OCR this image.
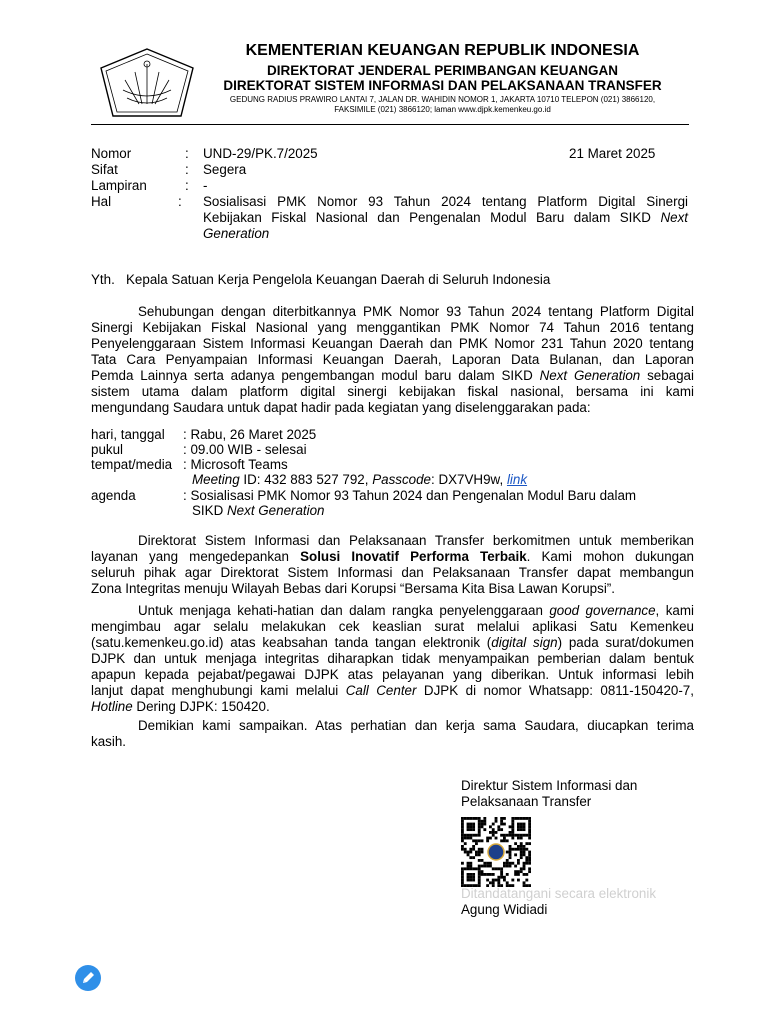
KEMENTERIAN KEUANGAN REPUBLIK INDONESIA
DIREKTORAT JENDERAL PERIMBANGAN KEUANGAN
DIREKTORAT SISTEM INFORMASI DAN PELAKSANAAN TRANSFER
GEDUNG RADIUS PRAWIRO LANTAI 7, JALAN DR. WAHIDIN NOMOR 1, JAKARTA 10710 TELEPON (021) 3866120,
FAKSIMILE (021) 3866120; laman www.djpk.kemenkeu.go.id
Nomor	: UND-29/PK.7/2025	21 Maret 2025
Sifat	: Segera
Lampiran	: -
Hal	: Sosialisasi PMK Nomor 93 Tahun 2024 tentang Platform Digital Sinergi
Kebijakan Fiskal Nasional dan Pengenalan Modul Baru dalam SIKD Next
Generation
Yth. Kepala Satuan Kerja Pengelola Keuangan Daerah di Seluruh Indonesia
Sehubungan dengan diterbitkannya PMK Nomor 93 Tahun 2024 tentang Platform Digital
Sinergi Kebijakan Fiskal Nasional yang menggantikan PMK Nomor 74 Tahun 2016 tentang
Penyelenggaraan Sistem Informasi Keuangan Daerah dan PMK Nomor 231 Tahun 2020 tentang
Tata Cara Penyampaian Informasi Keuangan Daerah, Laporan Data Bulanan, dan Laporan
Pemda Lainnya serta adanya pengembangan modul baru dalam SIKD Next Generation sebagai
sistem utama dalam platform digital sinergi kebijakan fiskal nasional, bersama ini kami
mengundang Saudara untuk dapat hadir pada kegiatan yang diselenggarakan pada:
hari, tanggal : Rabu, 26 Maret 2025
pukul	: 09.00 WIB - selesai
tempat/media : Microsoft Teams
Meeting ID: 432 883 527 792, Passcode: DX7VH9w, link
agenda	: Sosialisasi PMK Nomor 93 Tahun 2024 dan Pengenalan Modul Baru dalam
SIKD Next Generation
Direktorat Sistem Informasi dan Pelaksanaan Transfer berkomitmen untuk memberikan
layanan yang mengedepankan Solusi Inovatif Performa Terbaik. Kami mohon dukungan
seluruh pihak agar Direktorat Sistem Informasi dan Pelaksanaan Transfer dapat membangun
Zona Integritas menuju Wilayah Bebas dari Korupsi “Bersama Kita Bisa Lawan Korupsi”.
Untuk menjaga kehati-hatian dan dalam rangka penyelenggaraan good governance, kami
mengimbau agar selalu melakukan cek keaslian surat melalui aplikasi Satu Kemenkeu
(satu.kemenkeu.go.id) atas keabsahan tanda tangan elektronik (digital sign) pada surat/dokumen
DJPK dan untuk menjaga integritas diharapkan tidak menyampaikan pemberian dalam bentuk
apapun kepada pejabat/pegawai DJPK atas pelayanan yang diberikan. Untuk informasi lebih
lanjut dapat menghubungi kami melalui Call Center DJPK di nomor Whatsapp: 0811-150420-7,
Hotline Dering DJPK: 150420.
Demikian kami sampaikan. Atas perhatian dan kerja sama Saudara, diucapkan terima
kasih.
Direktur Sistem Informasi dan
Pelaksanaan Transfer
Ditandatangani secara elektronik
Agung Widiadi
